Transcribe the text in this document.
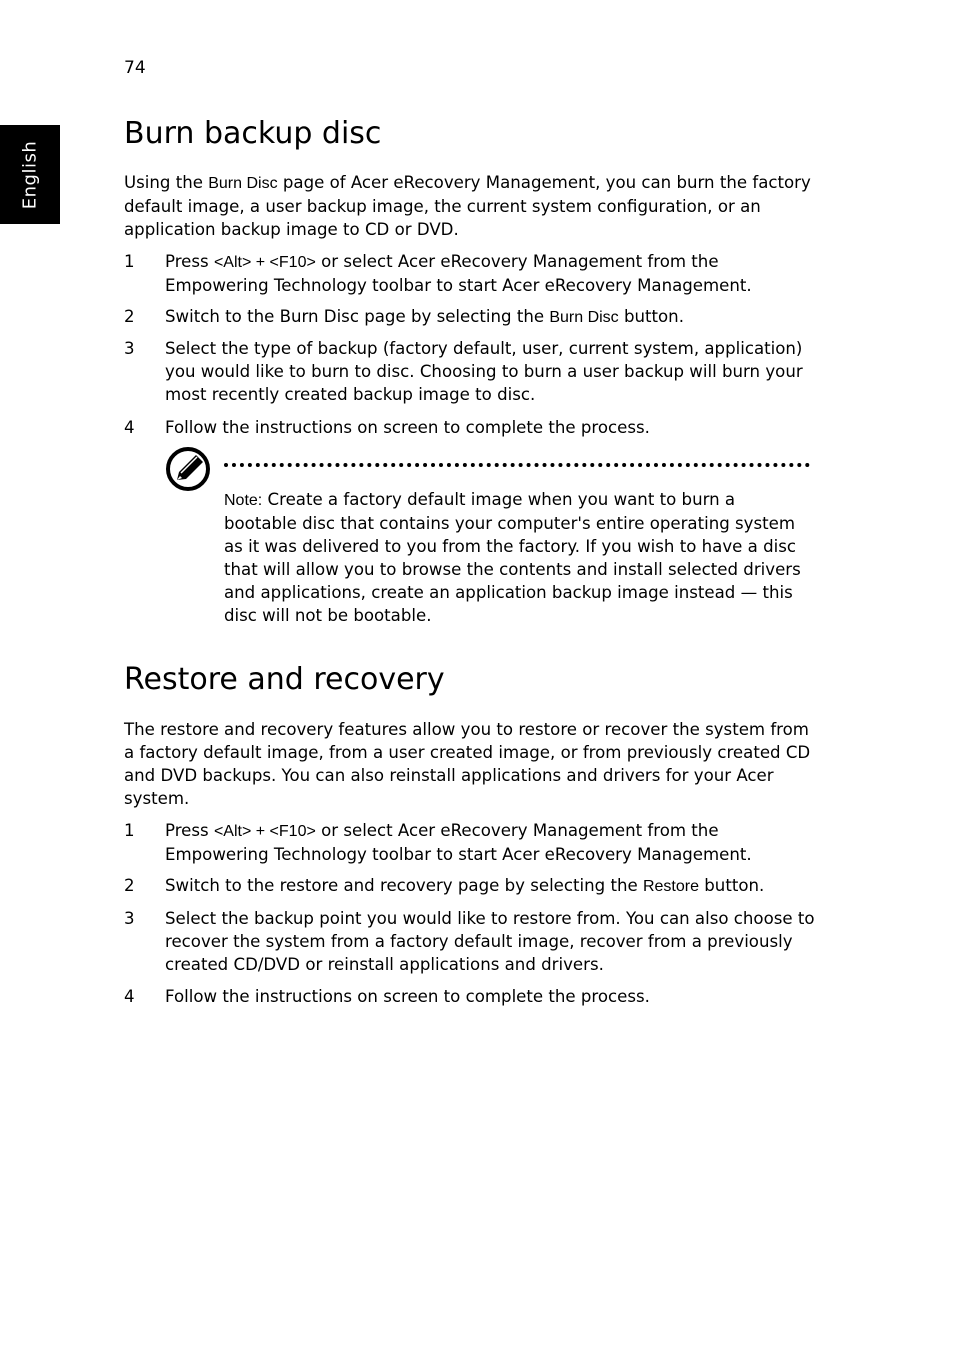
74
English
Burn backup disc

Using the Burn Disc page of Acer eRecovery Management, you can burn the factory default image, a user backup image, the current system configuration, or an application backup image to CD or DVD.

1 Press <Alt> + <F10> or select Acer eRecovery Management from the Empowering Technology toolbar to start Acer eRecovery Management.
2 Switch to the Burn Disc page by selecting the Burn Disc button.
3 Select the type of backup (factory default, user, current system, application) you would like to burn to disc. Choosing to burn a user backup will burn your most recently created backup image to disc.
4 Follow the instructions on screen to complete the process.
Note: Create a factory default image when you want to burn a bootable disc that contains your computer's entire operating system as it was delivered to you from the factory. If you wish to have a disc that will allow you to browse the contents and install selected drivers and applications, create an application backup image instead — this disc will not be bootable.
Restore and recovery

The restore and recovery features allow you to restore or recover the system from a factory default image, from a user created image, or from previously created CD and DVD backups. You can also reinstall applications and drivers for your Acer system.

1 Press <Alt> + <F10> or select Acer eRecovery Management from the Empowering Technology toolbar to start Acer eRecovery Management.
2 Switch to the restore and recovery page by selecting the Restore button.
3 Select the backup point you would like to restore from. You can also choose to recover the system from a factory default image, recover from a previously created CD/DVD or reinstall applications and drivers.
4 Follow the instructions on screen to complete the process.
